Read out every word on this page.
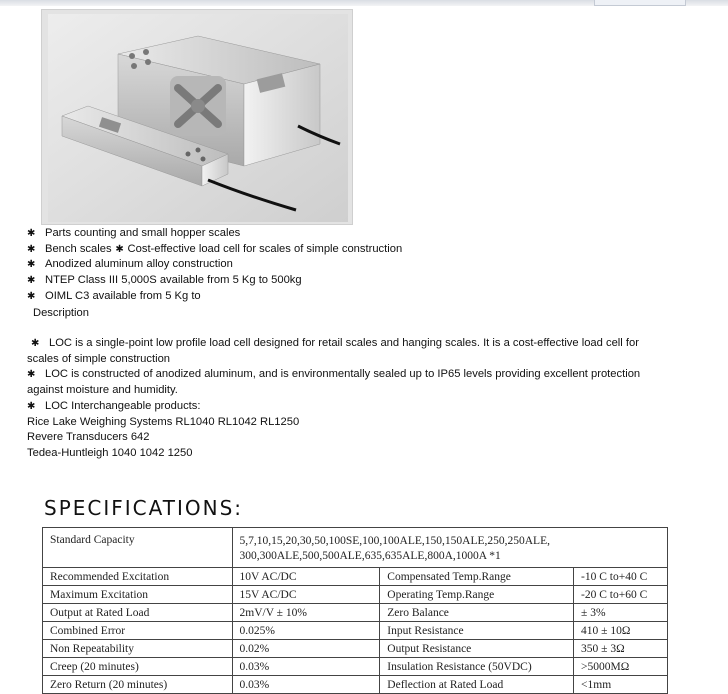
✱ Parts counting and small hopper scales
✱ Bench scales ✱ Cost-effective load cell for scales of simple construction
✱ Anodized aluminum alloy construction
✱ NTEP Class III 5,000S available from 5 Kg to 500kg
✱ OIML C3 available from 5 Kg to
Description
✱ LOC is a single-point low profile load cell designed for retail scales and hanging scales. It is a cost-effective load cell for
scales of simple construction
✱ LOC is constructed of anodized aluminum, and is environmentally sealed up to IP65 levels providing excellent protection
against moisture and humidity.
✱ LOC Interchangeable products:
Rice Lake Weighing Systems RL1040 RL1042 RL1250
Revere Transducers 642
Tedea-Huntleigh 1040 1042 1250
SPECIFICATIONS:
Standard Capacity	5,7,10,15,20,30,50,100SE,100,100ALE,150,150ALE,250,250ALE,
300,300ALE,500,500ALE,635,635ALE,800A,1000A *1		

Recommended Excitation	10V AC/DC	Compensated Temp.Range	-10 C to+40 C
Maximum Excitation	15V AC/DC	Operating Temp.Range	-20 C to+60 C
Output at Rated Load	2mV/V ± 10%	Zero Balance	± 3%
Combined Error	0.025%	Input Resistance	410 ± 10Ω
Non Repeatability	0.02%	Output Resistance	350 ± 3Ω
Creep (20 minutes)	0.03%	Insulation Resistance (50VDC)	>5000MΩ
Zero Return (20 minutes)	0.03%	Deflection at Rated Load	<1mm
